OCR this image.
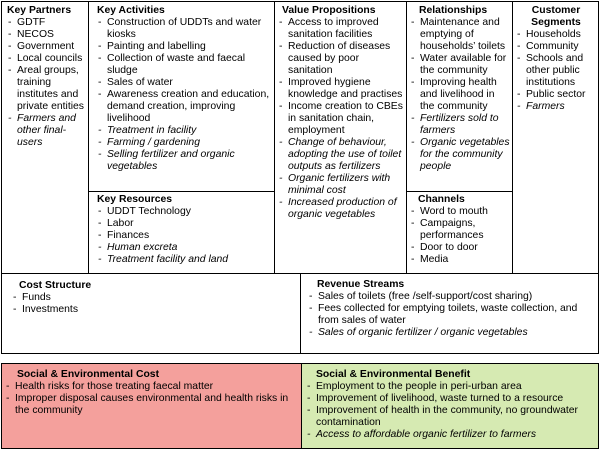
Key Partners
- GDTF
- NECOS
- Government
- Local councils
- Areal groups, training institutes and private entities
- Farmers and other final-users
Key Activities
- Construction of UDDTs and water kiosks
- Painting and labelling
- Collection of waste and faecal sludge
- Sales of water
- Awareness creation and education, demand creation, improving livelihood
- Treatment in facility
- Farming / gardening
- Selling fertilizer and organic vegetables
Key Resources
- UDDT Technology
- Labor
- Finances
- Human excreta
- Treatment facility and land
Value Propositions
- Access to improved sanitation facilities
- Reduction of diseases caused by poor sanitation
- Improved hygiene knowledge and practises
- Income creation to CBEs in sanitation chain, employment
- Change of behaviour, adopting the use of toilet outputs as fertilizers
- Organic fertilizers with minimal cost
- Increased production of organic vegetables
Relationships
- Maintenance and emptying of households’ toilets
- Water available for the community
- Improving health and livelihood in the community
- Fertilizers sold to farmers
- Organic vegetables for the community people
Channels
- Word to mouth
- Campaigns, performances
- Door to door
- Media
Customer Segments
- Households
- Community
- Schools and other public institutions
- Public sector
- Farmers
Cost Structure
- Funds
- Investments
Revenue Streams
- Sales of toilets (free /self-support/cost sharing)
- Fees collected for emptying toilets, waste collection, and from sales of water
- Sales of organic fertilizer / organic vegetables
Social & Environmental Cost
- Health risks for those treating faecal matter
- Improper disposal causes environmental and health risks in the community
Social & Environmental Benefit
- Employment to the people in peri-urban area
- Improvement of livelihood, waste turned to a resource
- Improvement of health in the community, no groundwater contamination
- Access to affordable organic fertilizer to farmers
